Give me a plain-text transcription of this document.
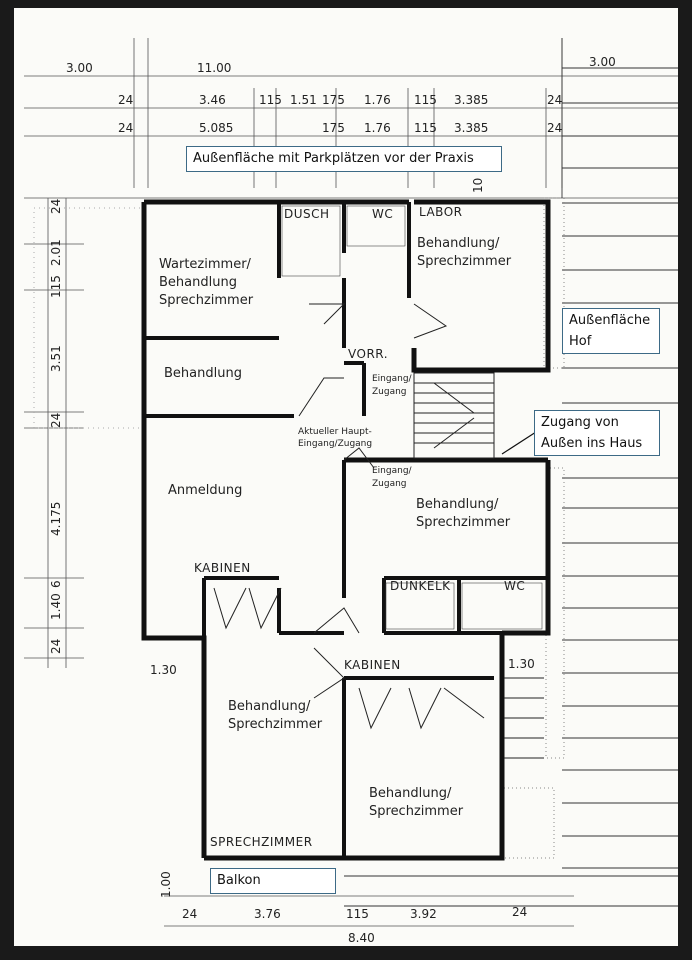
3.00	11.00	3.00
24	3.46	115 1.51 175 1.76 115 3.385	24
24	5.085	175 1.76 115 3.385	24
3.76
24	115	3.92	24
8.40
1.30	1.30
1.00
10
24
2.01
115
3.51
24
4.175
6
1.40
24
Wartezimmer/
Behandlung
Sprechzimmer
Behandlung
Anmeldung
Behandlung/
Sprechzimmer
Behandlung/
Sprechzimmer
Behandlung/
Sprechzimmer
Behandlung/
Sprechzimmer
DUSCH	WC LABOR
VORR.
KABINEN
KABINEN
DUNKELK	WC
SPRECHZIMMER
Eingang/
Zugang
Aktueller Haupt-
Eingang/Zugang
Eingang/
Zugang
Außenfläche mit Parkplätzen vor der Praxis
Außenfläche
Hof
Zugang von
Außen ins Haus
Balkon
